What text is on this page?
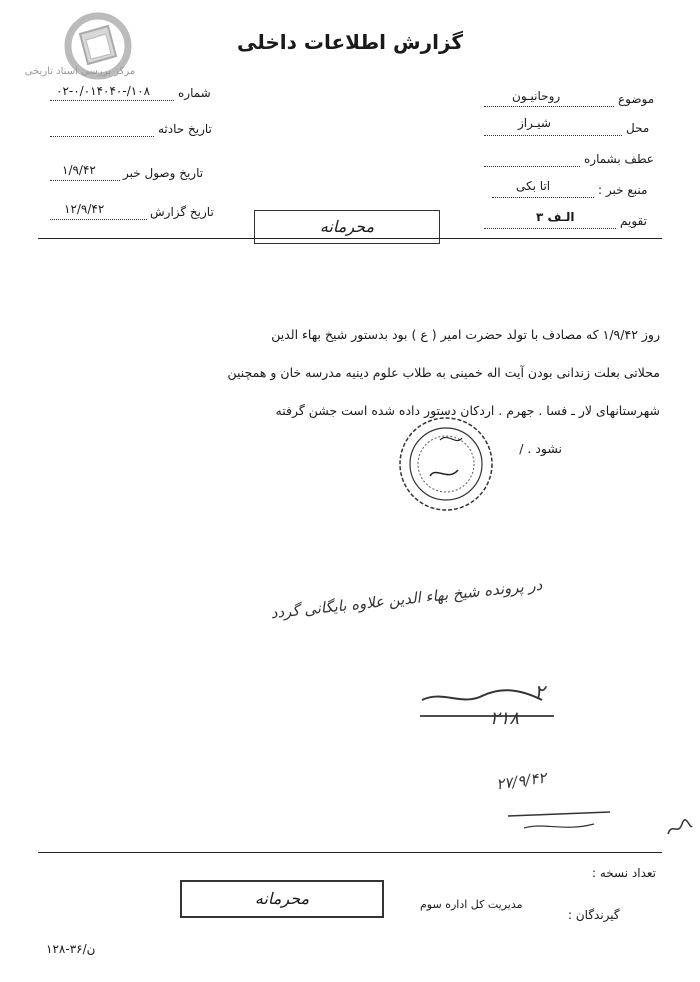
مرکز بررسی اسناد تاریخی
گزارش اطلاعات داخلی
شماره
۰۲-۰/۰۱۴۰۴۰-/۱۰۸
تاریخ حادثه
تاریخ وصول خبر
۱/۹/۴۲
تاریخ گزارش
۱۲/۹/۴۲
موضوع
روحانیـون
محل
شیـراز
عطف بشماره
منبع خبر :
اتا بکی
تقویم
الـف ۳
محرمانه
روز ۱/۹/۴۲ که مصادف با تولد حضرت امیر ( ع ) بود بدستور شیخ بهاء الدین
محلاتی بعلت زندانی بودن آیت اله خمینی به طلاب علوم دینیه مدرسه خان و همچنین
شهرستانهای لار ـ فسا . جهرم . اردکان دستور داده شده است جشن گرفته
نشود . /
در پرونده شیخ بهاء الدین علاوه بایگانی گردد
۲
۲۱۸
۲۷/۹/۴۲
تعداد نسخه :
گیرندگان :
مدیریت کل اداره سوم
محرمانه
ن/۳۶-۱۲۸
